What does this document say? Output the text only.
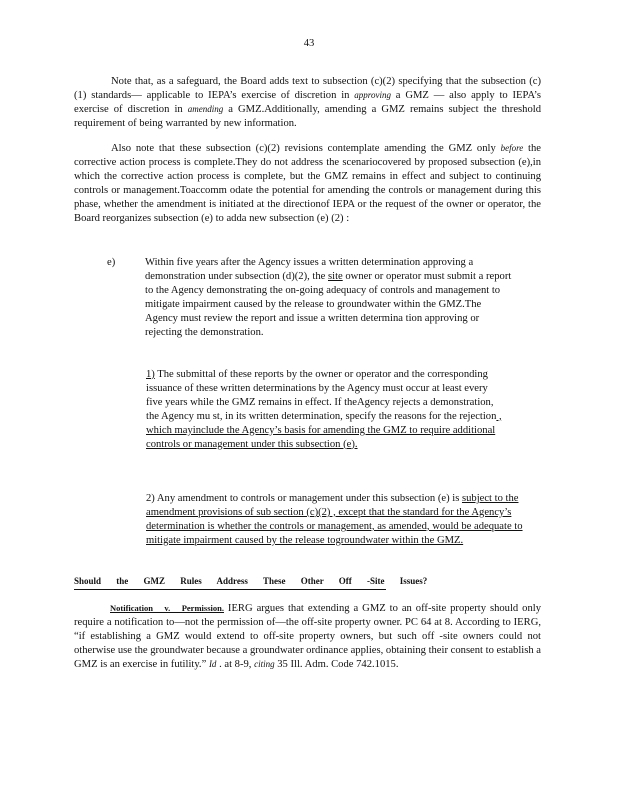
43

Note that, as a safeguard, the Board adds text to subsection (c)(2) specifying that the subsection (c)(1) standards— applicable to IEPA’s exercise of discretion in approving a GMZ — also apply to IEPA’s exercise of discretion in amending a GMZ.Additionally, amending a GMZ remains subject the threshold requirement of being warranted by new information.

Also note that these subsection (c)(2) revisions contemplate amending the GMZ only before the corrective action process is complete.They do not address the scenariocovered by proposed subsection (e),in which the corrective action process is complete, but the GMZ remains in effect and subject to continuing controls or management.Toaccomm odate the potential for amending the controls or management during this phase, whether the amendment is initiated at the directionof IEPA or the request of the owner or operator, the Board reorganizes subsection (e) to adda new subsection (e) (2) :

e)	Within five years after the Agency issues a written determination approving a demonstration under subsection (d)(2), the site owner or operator must submit a report to the Agency demonstrating the on-going adequacy of controls and management to mitigate impairment caused by the release to groundwater within the GMZ.The Agency must review the report and issue a written determina tion approving or rejecting the demonstration.
1) The submittal of these reports by the owner or operator and the corresponding issuance of these written determinations by the Agency must occur at least every five years while the GMZ remains in effect. If theAgency rejects a demonstration, the Agency mu st, in its written determination, specify the reasons for the rejection , which mayinclude the Agency’s basis for amending the GMZ to require additional controls or management under this subsection (e).
2) Any amendment to controls or management under this subsection (e) is subject to the amendment provisions of sub section (c)(2) , except that the standard for the Agency’s determination is whether the controls or management, as amended, would be adequate to mitigate impairment caused by the release togroundwater within the GMZ.
Should the GMZ Rules Address These Other Off -Site Issues?

Notification v. Permission. IERG argues that extending a GMZ to an off-site property should only require a notification to—not the permission of—the off-site property owner. PC 64 at 8. According to IERG, “if establishing a GMZ would extend to off-site property owners, but such off -site owners could not otherwise use the groundwater because a groundwater ordinance applies, obtaining their consent to establish a GMZ is an exercise in futility.” Id . at 8-9, citing 35 Ill. Adm. Code 742.1015.
